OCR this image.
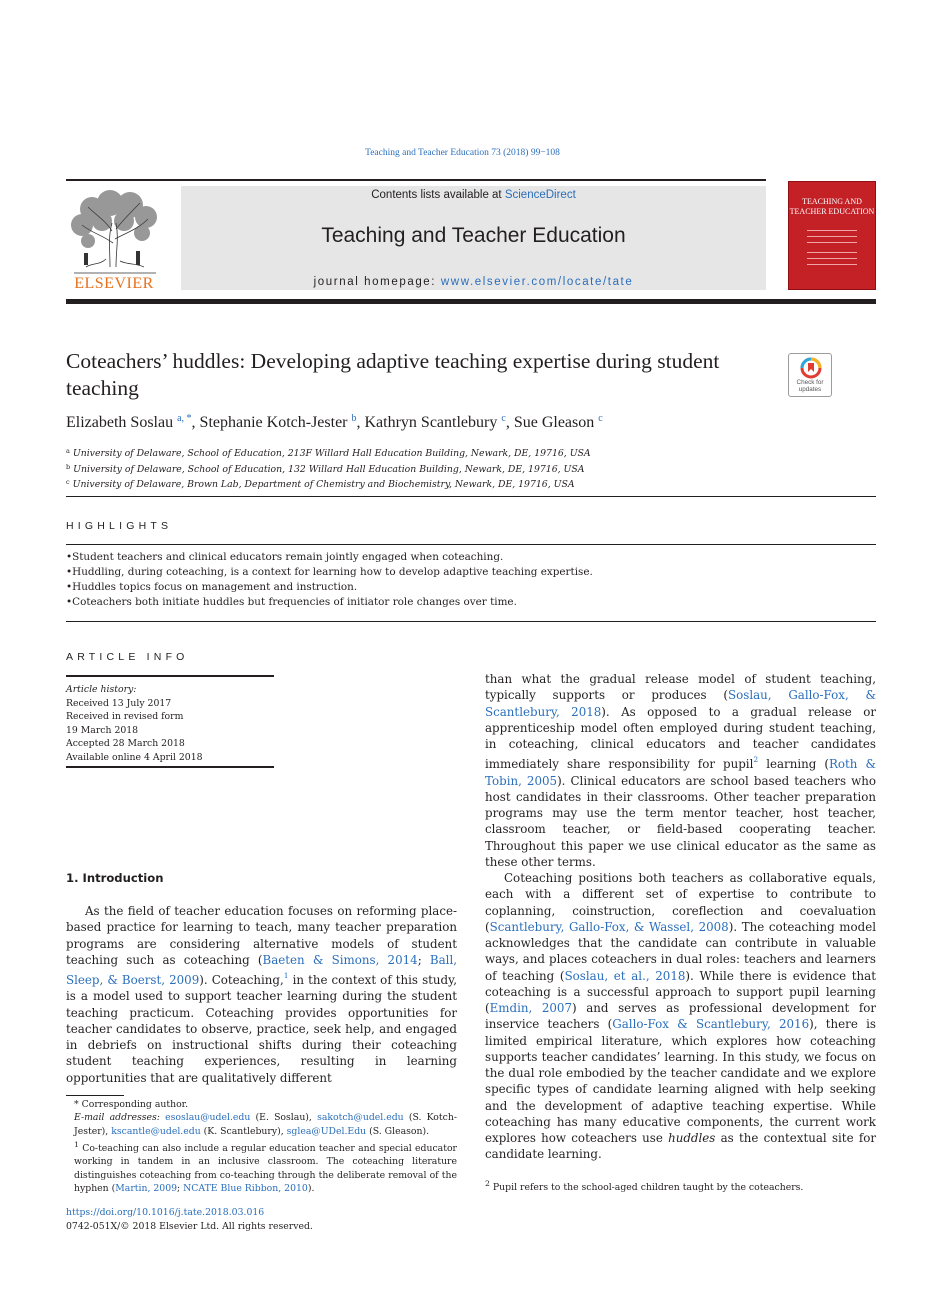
Teaching and Teacher Education 73 (2018) 99−108
ELSEVIER
Contents lists available at ScienceDirect
Teaching and Teacher Education
journal homepage: www.elsevier.com/locate/tate
TEACHING AND TEACHER EDUCATION
Coteachers’ huddles: Developing adaptive teaching expertise during student teaching	Check for updates
Elizabeth Soslau $^{a, *}$, Stephanie Kotch-Jester $^b$, Kathryn Scantlebury $^c$, Sue Gleason $^c$
$^a$ University of Delaware, School of Education, 213F Willard Hall Education Building, Newark, DE, 19716, USA
$^b$ University of Delaware, School of Education, 132 Willard Hall Education Building, Newark, DE, 19716, USA
$^c$ University of Delaware, Brown Lab, Department of Chemistry and Biochemistry, Newark, DE, 19716, USA
HIGHLIGHTS
• Student teachers and clinical educators remain jointly engaged when coteaching.
• Huddling, during coteaching, is a context for learning how to develop adaptive teaching expertise.
• Huddles topics focus on management and instruction.
• Coteachers both initiate huddles but frequencies of initiator role changes over time.
ARTICLE INFO
Article history:
Received 13 July 2017
Received in revised form
19 March 2018
Accepted 28 March 2018
Available online 4 April 2018
1. Introduction
As the field of teacher education focuses on reforming place-based practice for learning to teach, many teacher preparation programs are considering alternative models of student teaching such as coteaching (Baeten & Simons, 2014; Ball, Sleep, & Boerst, 2009). Coteaching,$^1$ in the context of this study, is a model used to support teacher learning during the student teaching practicum. Coteaching provides opportunities for teacher candidates to observe, practice, seek help, and engaged in debriefs on instructional shifts during their coteaching student teaching experiences, resulting in learning opportunities that are qualitatively different

than what the gradual release model of student teaching, typically supports or produces (Soslau, Gallo-Fox, & Scantlebury, 2018). As opposed to a gradual release or apprenticeship model often employed during student teaching, in coteaching, clinical educators and teacher candidates immediately share responsibility for pupil$^2$ learning (Roth & Tobin, 2005). Clinical educators are school based teachers who host candidates in their classrooms. Other teacher preparation programs may use the term mentor teacher, host teacher, classroom teacher, or field-based cooperating teacher. Throughout this paper we use clinical educator as the same as these other terms.

Coteaching positions both teachers as collaborative equals, each with a different set of expertise to contribute to coplanning, coinstruction, coreflection and coevaluation (Scantlebury, Gallo-Fox, & Wassel, 2008). The coteaching model acknowledges that the candidate can contribute in valuable ways, and places coteachers in dual roles: teachers and learners of teaching (Soslau, et al., 2018). While there is evidence that coteaching is a successful approach to support pupil learning (Emdin, 2007) and serves as professional development for inservice teachers (Gallo-Fox & Scantlebury, 2016), there is limited empirical literature, which explores how coteaching supports teacher candidates’ learning. In this study, we focus on the dual role embodied by the teacher candidate and we explore specific types of candidate learning aligned with help seeking and the development of adaptive teaching expertise. While coteaching has many educative components, the current work explores how coteachers use huddles as the contextual site for candidate learning.

* Corresponding author.
E-mail addresses: esoslau@udel.edu (E. Soslau), sakotch@udel.edu (S. Kotch-Jester), kscantle@udel.edu (K. Scantlebury), sglea@UDel.Edu (S. Gleason).
$^1$ Co-teaching can also include a regular education teacher and special educator working in tandem in an inclusive classroom. The coteaching literature distinguishes coteaching from co-teaching through the deliberate removal of the hyphen (Martin, 2009; NCATE Blue Ribbon, 2010).	$^2$ Pupil refers to the school-aged children taught by the coteachers.
https://doi.org/10.1016/j.tate.2018.03.016
0742-051X/© 2018 Elsevier Ltd. All rights reserved.
